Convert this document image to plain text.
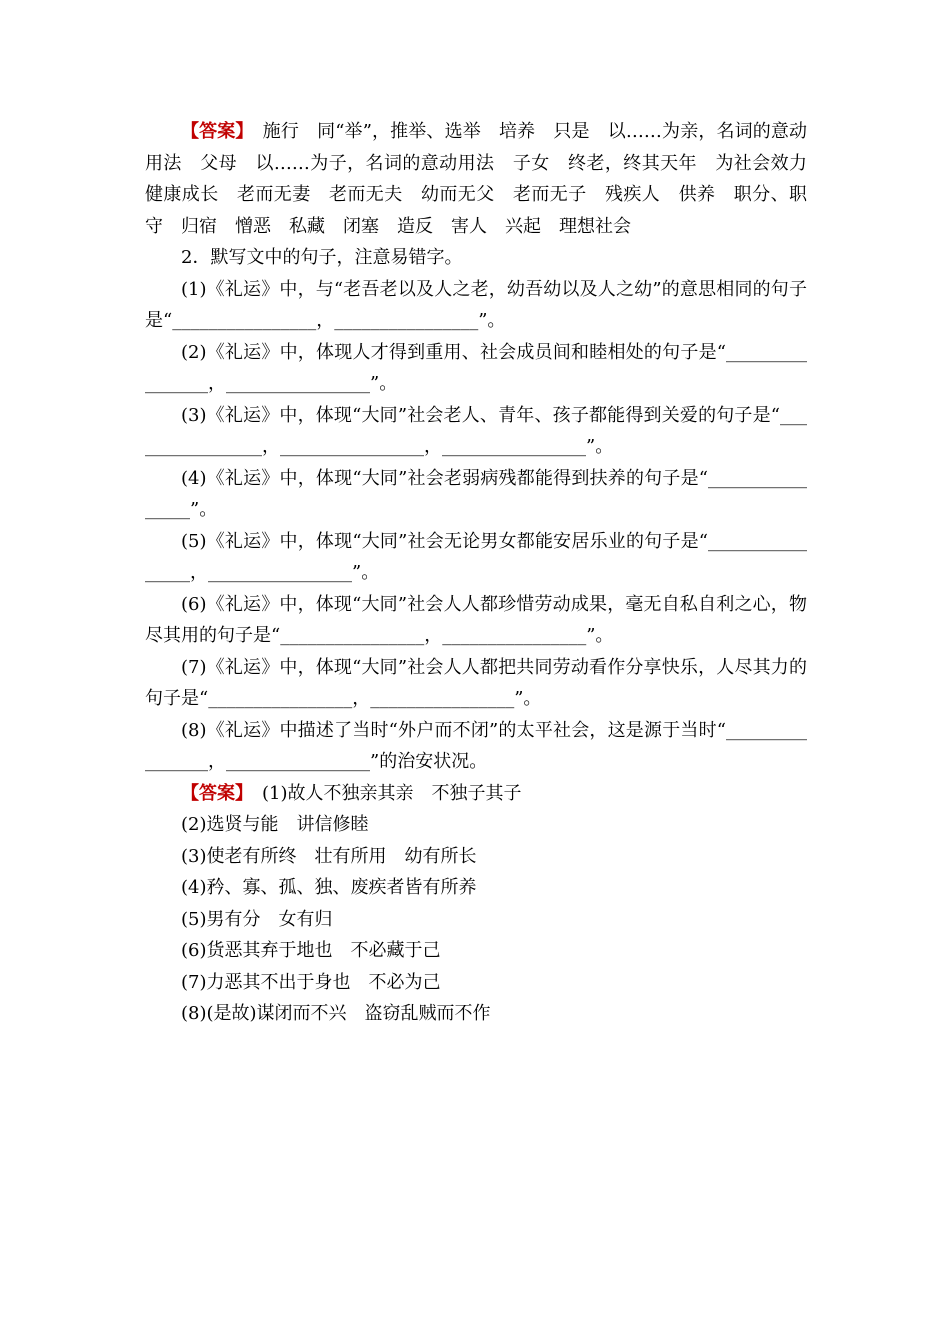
【答案】　施行　同“举”，推举、选举　培养　只是　以……为亲，名词的意动用法　父母　以……为子，名词的意动用法　子女　终老，终其天年　为社会效力　健康成长　老而无妻　老而无夫　幼而无父　老而无子　残疾人　供养　职分、职守　归宿　憎恶　私藏　闭塞　造反　害人　兴起　理想社会

2．默写文中的句子，注意易错字。

(1)《礼运》中，与“老吾老以及人之老，幼吾幼以及人之幼”的意思相同的句子是“________________，________________”。

(2)《礼运》中，体现人才得到重用、社会成员间和睦相处的句子是“________________，________________”。

(3)《礼运》中，体现“大同”社会老人、青年、孩子都能得到关爱的句子是“________________，________________，________________”。

(4)《礼运》中，体现“大同”社会老弱病残都能得到扶养的句子是“________________”。

(5)《礼运》中，体现“大同”社会无论男女都能安居乐业的句子是“________________，________________”。

(6)《礼运》中，体现“大同”社会人人都珍惜劳动成果，毫无自私自利之心，物尽其用的句子是“________________，________________”。

(7)《礼运》中，体现“大同”社会人人都把共同劳动看作分享快乐，人尽其力的句子是“________________，________________”。

(8)《礼运》中描述了当时“外户而不闭”的太平社会，这是源于当时“________________，________________”的治安状况。

【答案】　(1)故人不独亲其亲　不独子其子

(2)选贤与能　讲信修睦

(3)使老有所终　壮有所用　幼有所长

(4)矜、寡、孤、独、废疾者皆有所养

(5)男有分　女有归

(6)货恶其弃于地也　不必藏于己

(7)力恶其不出于身也　不必为己

(8)(是故)谋闭而不兴　盗窃乱贼而不作
